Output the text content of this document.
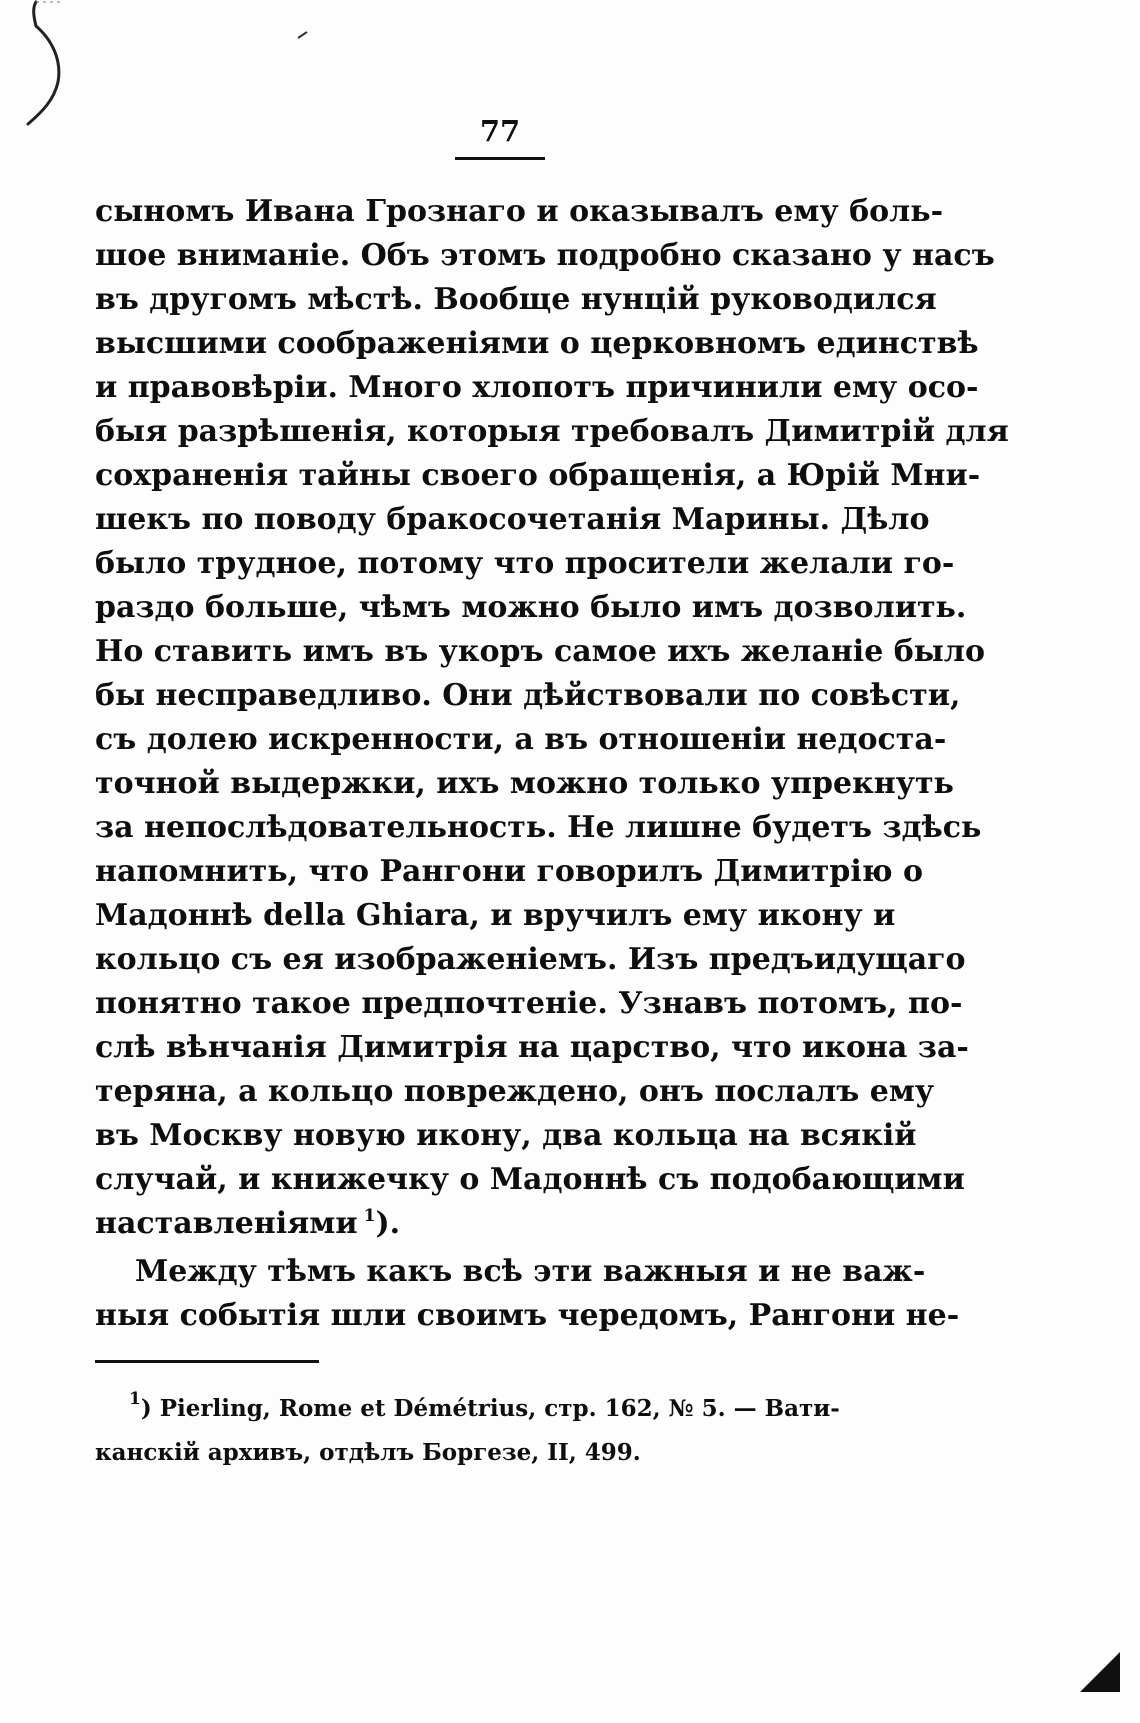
77
сыномъ Ивана Грознаго и оказывалъ ему боль-
шое вниманіе. Объ этомъ подробно сказано у насъ
въ другомъ мѣстѣ. Вообще нунцій руководился
высшими соображеніями о церковномъ единствѣ
и правовѣріи. Много хлопотъ причинили ему осо-
быя разрѣшенія, которыя требовалъ Димитрій для
сохраненія тайны своего обращенія, а Юрій Мни-
шекъ по поводу бракосочетанія Марины. Дѣло
было трудное, потому что просители желали го-
раздо больше, чѣмъ можно было имъ дозволить.
Но ставить имъ въ укоръ самое ихъ желаніе было
бы несправедливо. Они дѣйствовали по совѣсти,
съ долею искренности, а въ отношеніи недоста-
точной выдержки, ихъ можно только упрекнуть
за непослѣдовательность. Не лишне будетъ здѣсь
напомнить, что Рангони говорилъ Димитрію о
Мадоннѣ della Ghiara, и вручилъ ему икону и
кольцо съ ея изображеніемъ. Изъ предъидущаго
понятно такое предпочтеніе. Узнавъ потомъ, по-
слѣ вѣнчанія Димитрія на царство, что икона за-
теряна, а кольцо повреждено, онъ послалъ ему
въ Москву новую икону, два кольца на всякій
случай, и книжечку о Мадоннѣ съ подобающими
наставленіями  $^1$).
Между тѣмъ какъ всѣ эти важныя и не важ-
ныя событія шли своимъ чередомъ, Рангони не-
$^1$) Pierling, Rome et Démétrius, стр. 162, № 5. — Вати-
канскій архивъ, отдѣлъ Боргезе, II, 499.
